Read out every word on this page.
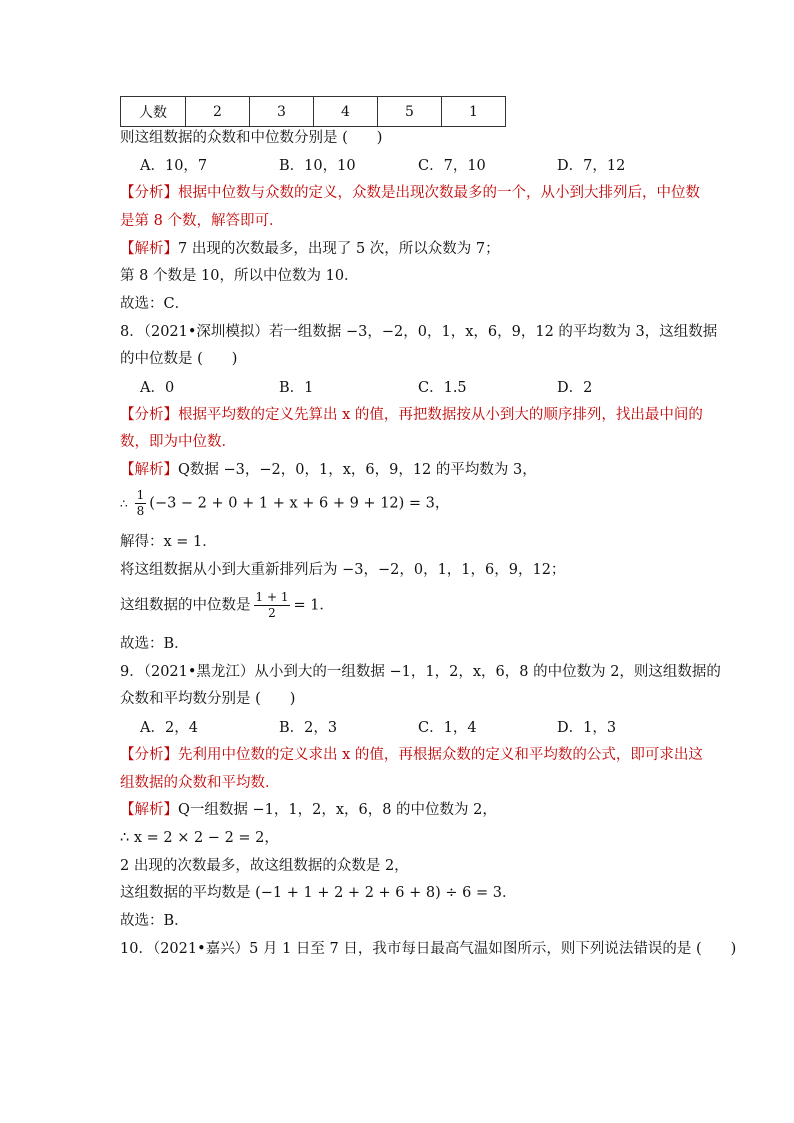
人数	2	3	4	5	1
则这组数据的众数和中位数分别是 (　　)
A．10，7	B．10，10	C．7，10	D．7，12
【分析】根据中位数与众数的定义，众数是出现次数最多的一个，从小到大排列后，中位数
是第 8 个数，解答即可．
【解析】7 出现的次数最多，出现了 5 次，所以众数为 7；
第 8 个数是 10，所以中位数为 10．
故选：C．
8．（2021•深圳模拟）若一组数据 −3，−2，0，1，x，6，9，12 的平均数为 3，这组数据
的中位数是 (　　)
A．0	B．1	C．1.5	D．2
【分析】根据平均数的定义先算出 x 的值，再把数据按从小到大的顺序排列，找出最中间的
数，即为中位数．
【解析】Q数据 −3，−2，0，1，x，6，9，12 的平均数为 3，
∴ $\frac{1}{8} (-3 - 2 + 0 + 1 + x + 6 + 9 + 12) = 3$，
解得：x = 1．
将这组数据从小到大重新排列后为 −3，−2，0，1，1，6，9，12；
这组数据的中位数是 $\frac{1 + 1}{2} = 1$．
故选：B．
9．（2021•黑龙江）从小到大的一组数据 −1，1，2，x，6，8 的中位数为 2，则这组数据的
众数和平均数分别是 (　　)
A．2，4	B．2，3	C．1，4	D．1，3
【分析】先利用中位数的定义求出 x 的值，再根据众数的定义和平均数的公式，即可求出这
组数据的众数和平均数．
【解析】Q一组数据 −1，1，2，x，6，8 的中位数为 2，
∴ x = 2 × 2 − 2 = 2，
2 出现的次数最多，故这组数据的众数是 2，
这组数据的平均数是 (−1 + 1 + 2 + 2 + 6 + 8) ÷ 6 = 3．
故选：B．
10．（2021•嘉兴）5 月 1 日至 7 日，我市每日最高气温如图所示，则下列说法错误的是 (　　)
